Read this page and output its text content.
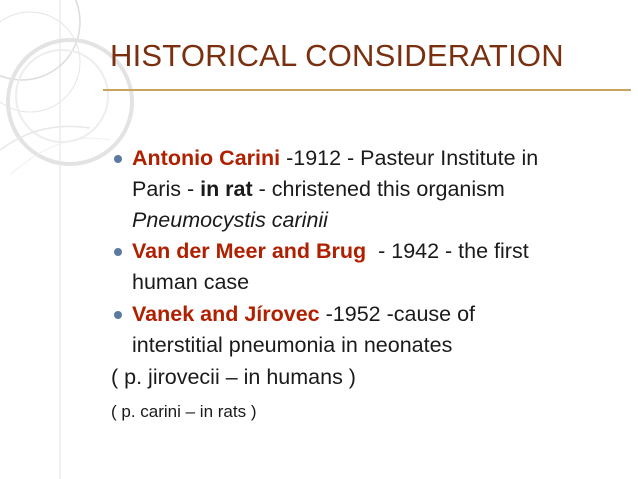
HISTORICAL CONSIDERATION
Antonio Carini -1912 - Pasteur Institute in
Paris - in rat - christened this organism
Pneumocystis carinii
Van der Meer and Brug  - 1942 - the first
human case
Vanek and Jírovec -1952 -cause of
interstitial pneumonia in neonates
( p. jirovecii – in humans )
( p. carini – in rats )
